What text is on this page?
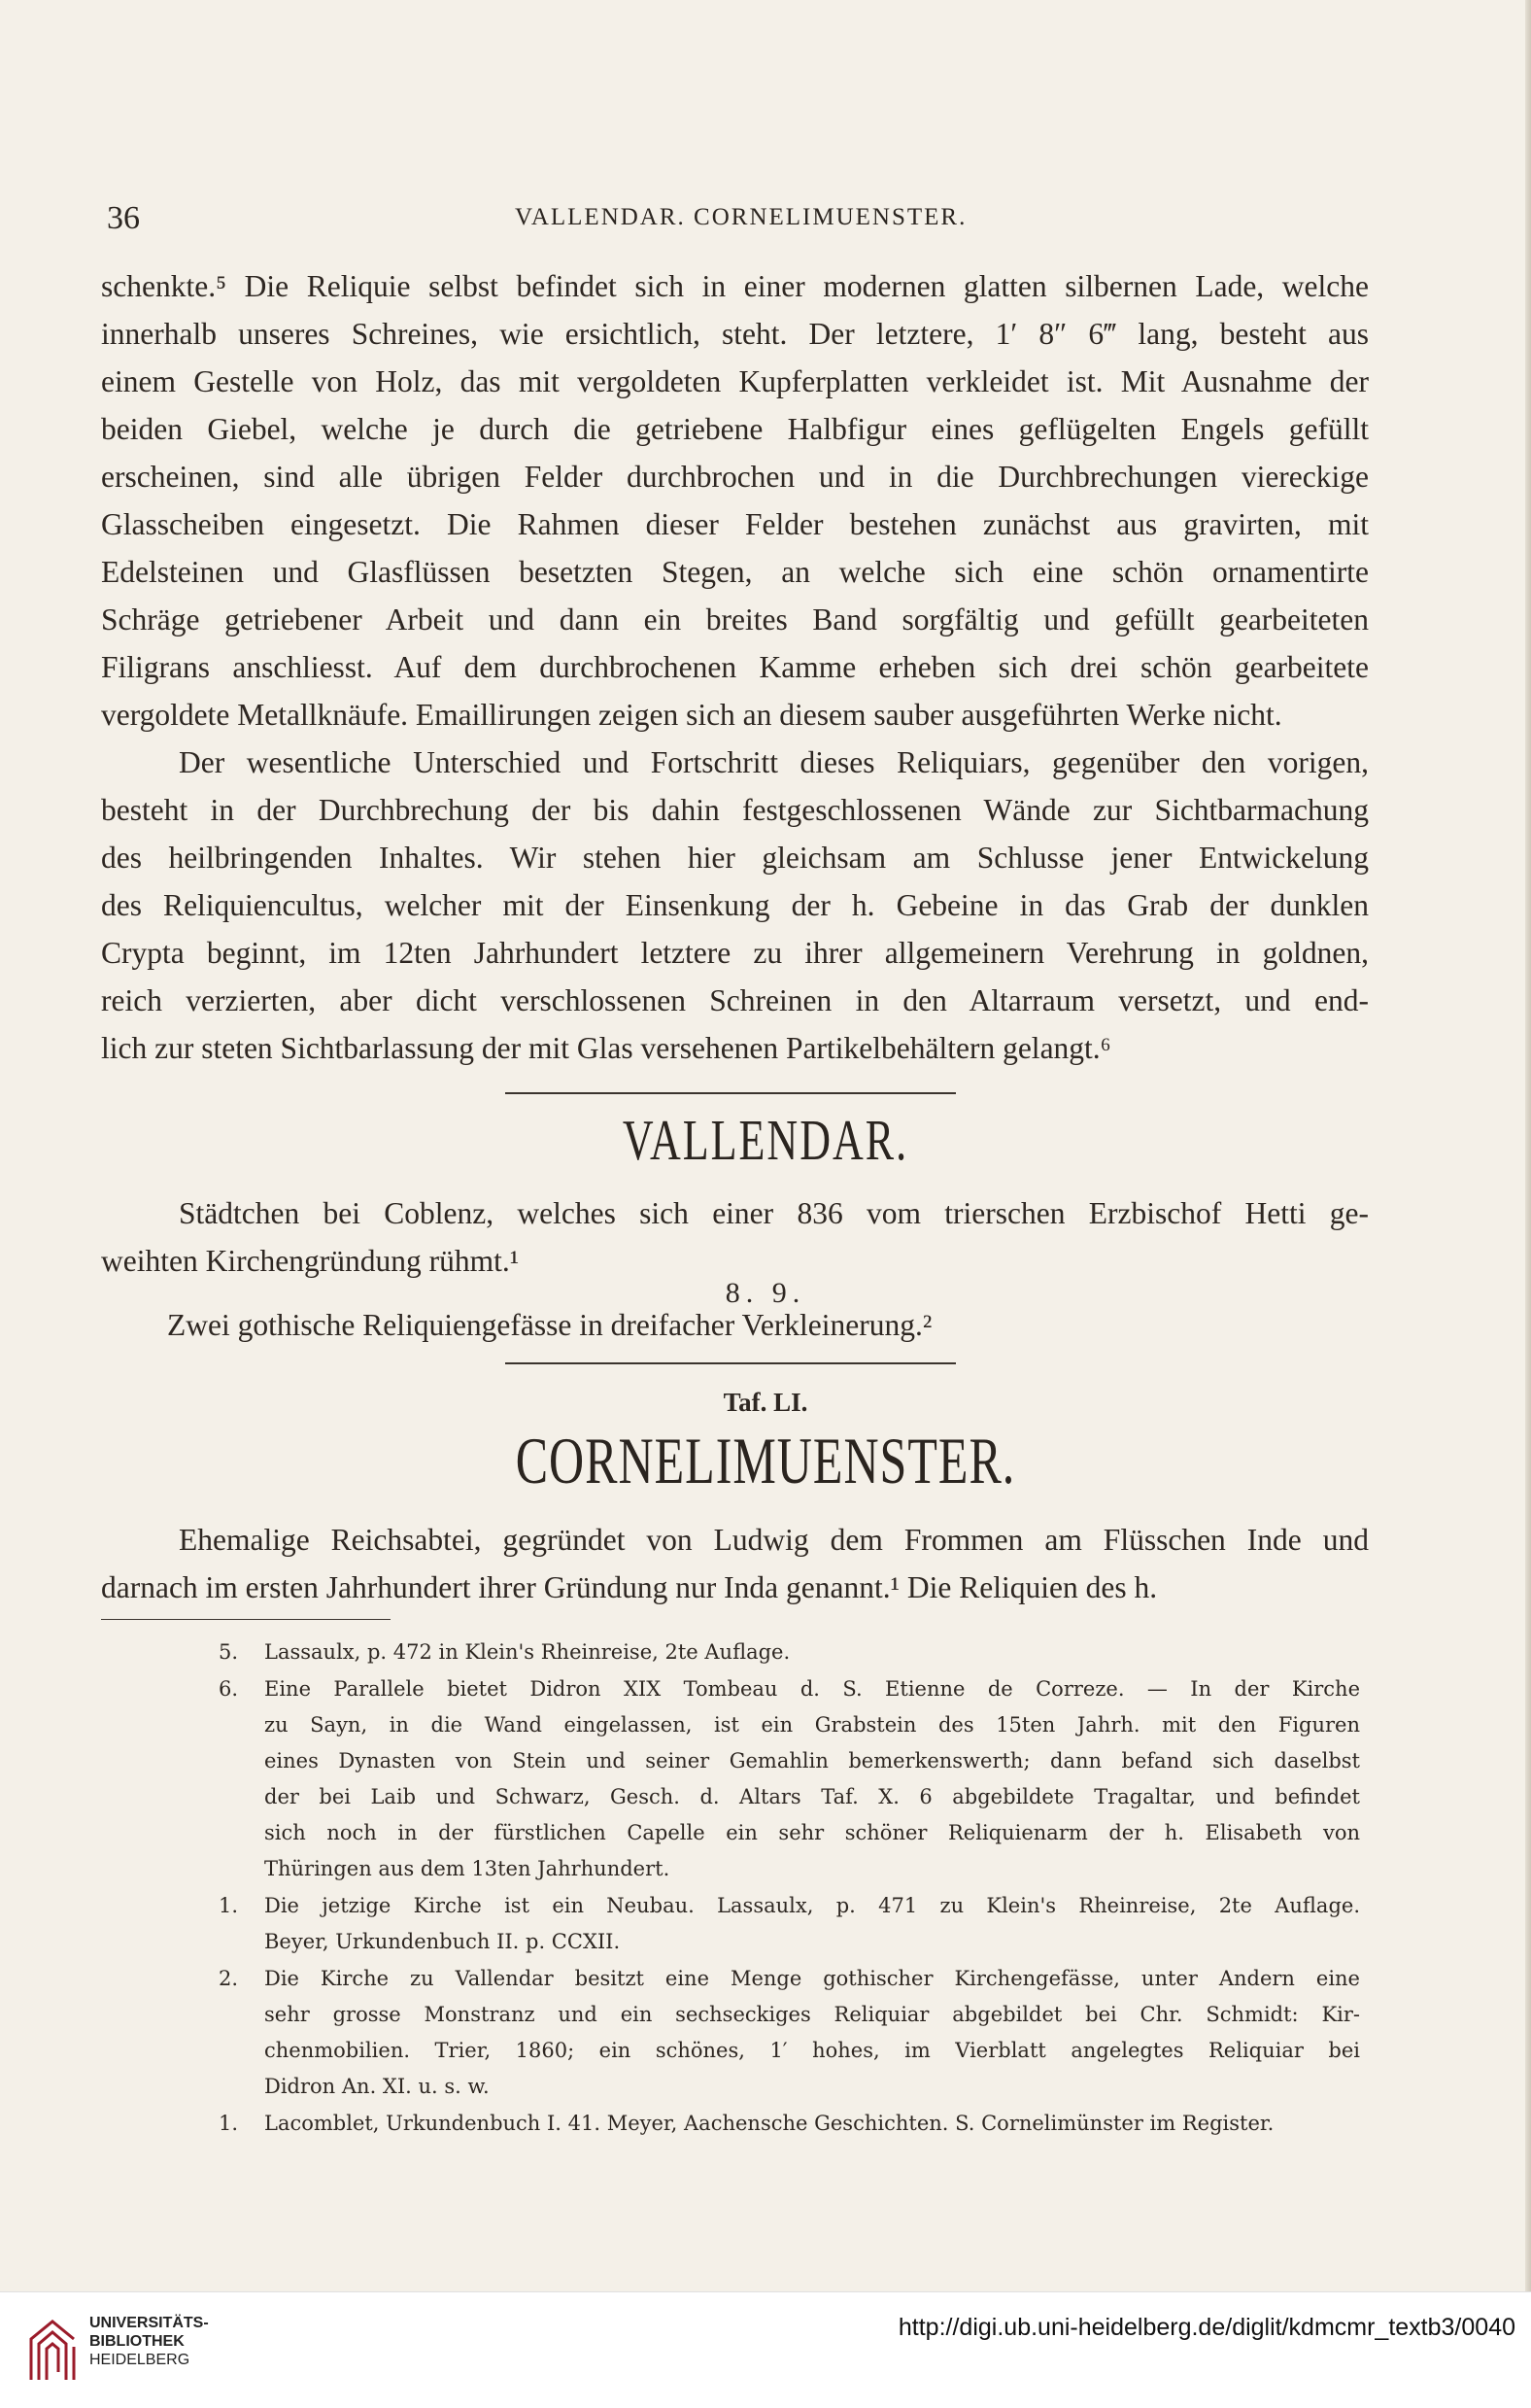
36	VALLENDAR. CORNELIMUENSTER.

schenkte.⁵ Die Reliquie selbst befindet sich in einer modernen glatten silbernen Lade, welche
innerhalb unseres Schreines, wie ersichtlich, steht. Der letztere, 1′ 8″ 6‴ lang, besteht aus
einem Gestelle von Holz, das mit vergoldeten Kupferplatten verkleidet ist. Mit Ausnahme der
beiden Giebel, welche je durch die getriebene Halbfigur eines geflügelten Engels gefüllt
erscheinen, sind alle übrigen Felder durchbrochen und in die Durchbrechungen viereckige
Glasscheiben eingesetzt. Die Rahmen dieser Felder bestehen zunächst aus gravirten, mit
Edelsteinen und Glasflüssen besetzten Stegen, an welche sich eine schön ornamentirte
Schräge getriebener Arbeit und dann ein breites Band sorgfältig und gefüllt gearbeiteten
Filigrans anschliesst. Auf dem durchbrochenen Kamme erheben sich drei schön gearbeitete
vergoldete Metallknäufe. Emaillirungen zeigen sich an diesem sauber ausgeführten Werke nicht.

Der wesentliche Unterschied und Fortschritt dieses Reliquiars, gegenüber den vorigen,
besteht in der Durchbrechung der bis dahin festgeschlossenen Wände zur Sichtbarmachung
des heilbringenden Inhaltes. Wir stehen hier gleichsam am Schlusse jener Entwickelung
des Reliquiencultus, welcher mit der Einsenkung der h. Gebeine in das Grab der dunklen
Crypta beginnt, im 12ten Jahrhundert letztere zu ihrer allgemeinern Verehrung in goldnen,
reich verzierten, aber dicht verschlossenen Schreinen in den Altarraum versetzt, und end-
lich zur steten Sichtbarlassung der mit Glas versehenen Partikelbehältern gelangt.⁶

VALLENDAR.

Städtchen bei Coblenz, welches sich einer 836 vom trierschen Erzbischof Hetti ge-
weihten Kirchengründung rühmt.¹

8. 9.
Zwei gothische Reliquiengefässe in dreifacher Verkleinerung.²
Taf. LI.
CORNELIMUENSTER.

Ehemalige Reichsabtei, gegründet von Ludwig dem Frommen am Flüsschen Inde und
darnach im ersten Jahrhundert ihrer Gründung nur Inda genannt.¹ Die Reliquien des h.

5. Lassaulx, p. 472 in Klein's Rheinreise, 2te Auflage.
6. Eine Parallele bietet Didron XIX Tombeau d. S. Etienne de Correze. — In der Kirche
zu Sayn, in die Wand eingelassen, ist ein Grabstein des 15ten Jahrh. mit den Figuren
eines Dynasten von Stein und seiner Gemahlin bemerkenswerth; dann befand sich daselbst
der bei Laib und Schwarz, Gesch. d. Altars Taf. X. 6 abgebildete Tragaltar, und befindet
sich noch in der fürstlichen Capelle ein sehr schöner Reliquienarm der h. Elisabeth von
Thüringen aus dem 13ten Jahrhundert.
1. Die jetzige Kirche ist ein Neubau. Lassaulx, p. 471 zu Klein's Rheinreise, 2te Auflage.
Beyer, Urkundenbuch II. p. CCXII.
2. Die Kirche zu Vallendar besitzt eine Menge gothischer Kirchengefässe, unter Andern eine
sehr grosse Monstranz und ein sechseckiges Reliquiar abgebildet bei Chr. Schmidt: Kir-
chenmobilien. Trier, 1860; ein schönes, 1′ hohes, im Vierblatt angelegtes Reliquiar bei
Didron An. XI. u. s. w.
1. Lacomblet, Urkundenbuch I. 41. Meyer, Aachensche Geschichten. S. Cornelimünster im Register.
UNIVERSITÄTS-
BIBLIOTHEK
HEIDELBERG
http://digi.ub.uni-heidelberg.de/diglit/kdmcmr_textb3/0040
